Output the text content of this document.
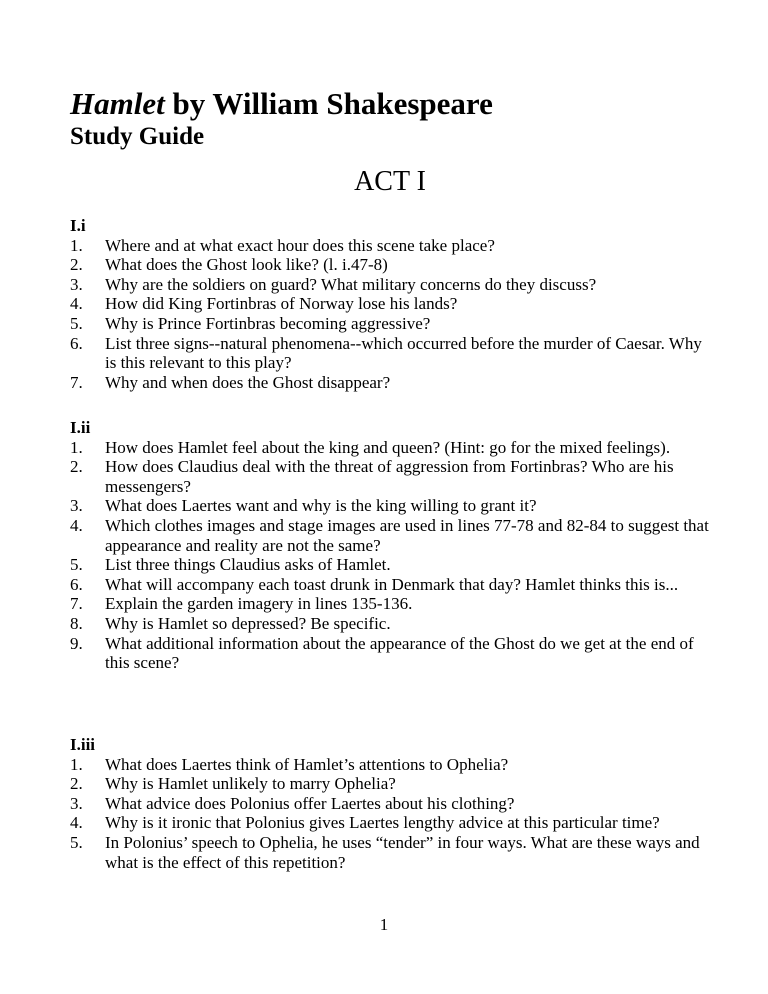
Hamlet by William Shakespeare
Study Guide
ACT I
I.i
1. Where and at what exact hour does this scene take place?
2. What does the Ghost look like? (l. i.47-8)
3. Why are the soldiers on guard? What military concerns do they discuss?
4. How did King Fortinbras of Norway lose his lands?
5. Why is Prince Fortinbras becoming aggressive?
6. List three signs--natural phenomena--which occurred before the murder of Caesar. Why is this relevant to this play?
7. Why and when does the Ghost disappear?
I.ii
1. How does Hamlet feel about the king and queen? (Hint: go for the mixed feelings).
2. How does Claudius deal with the threat of aggression from Fortinbras? Who are his messengers?
3. What does Laertes want and why is the king willing to grant it?
4. Which clothes images and stage images are used in lines 77-78 and 82-84 to suggest that appearance and reality are not the same?
5. List three things Claudius asks of Hamlet.
6. What will accompany each toast drunk in Denmark that day? Hamlet thinks this is...
7. Explain the garden imagery in lines 135-136.
8. Why is Hamlet so depressed? Be specific.
9. What additional information about the appearance of the Ghost do we get at the end of this scene?
I.iii
1. What does Laertes think of Hamlet’s attentions to Ophelia?
2. Why is Hamlet unlikely to marry Ophelia?
3. What advice does Polonius offer Laertes about his clothing?
4. Why is it ironic that Polonius gives Laertes lengthy advice at this particular time?
5. In Polonius’ speech to Ophelia, he uses “tender” in four ways. What are these ways and what is the effect of this repetition?
1
